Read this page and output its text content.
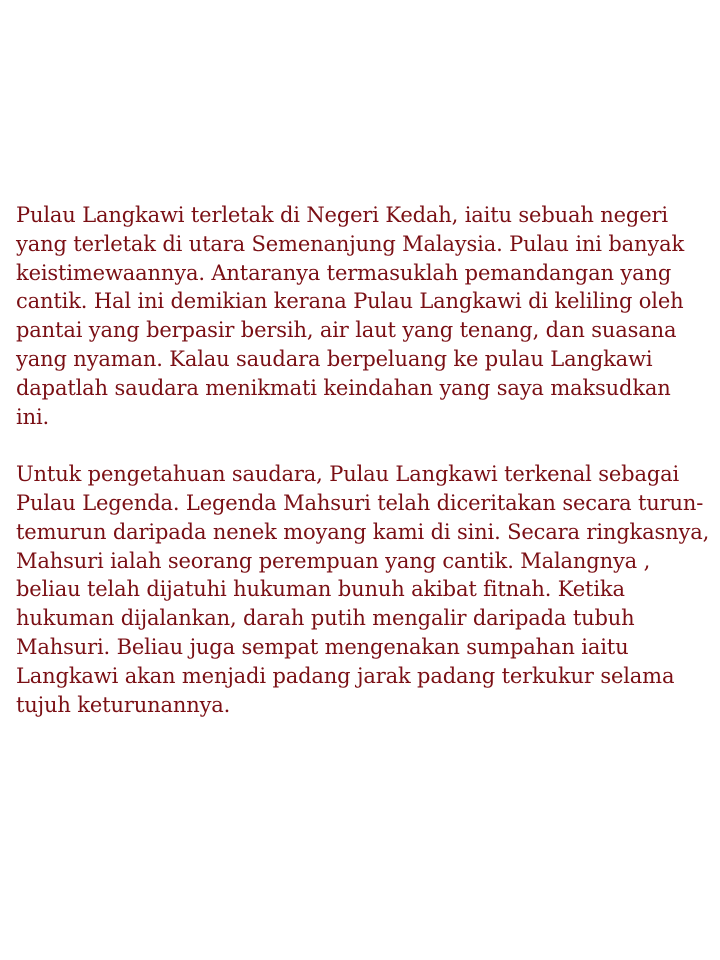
Pulau Langkawi terletak di Negeri Kedah, iaitu sebuah negeri
yang terletak di utara Semenanjung Malaysia. Pulau ini banyak
keistimewaannya. Antaranya termasuklah pemandangan yang
cantik. Hal ini demikian kerana Pulau Langkawi di keliling oleh
pantai yang berpasir bersih, air laut yang tenang, dan suasana
yang nyaman. Kalau saudara berpeluang ke pulau Langkawi
dapatlah saudara menikmati keindahan yang saya maksudkan
ini.

Untuk pengetahuan saudara, Pulau Langkawi terkenal sebagai
Pulau Legenda. Legenda Mahsuri telah diceritakan secara turun-
temurun daripada nenek moyang kami di sini. Secara ringkasnya,
Mahsuri ialah seorang perempuan yang cantik. Malangnya ,
beliau telah dijatuhi hukuman bunuh akibat fitnah. Ketika
hukuman dijalankan, darah putih mengalir daripada tubuh
Mahsuri. Beliau juga sempat mengenakan sumpahan iaitu
Langkawi akan menjadi padang jarak padang terkukur selama
tujuh keturunannya.
